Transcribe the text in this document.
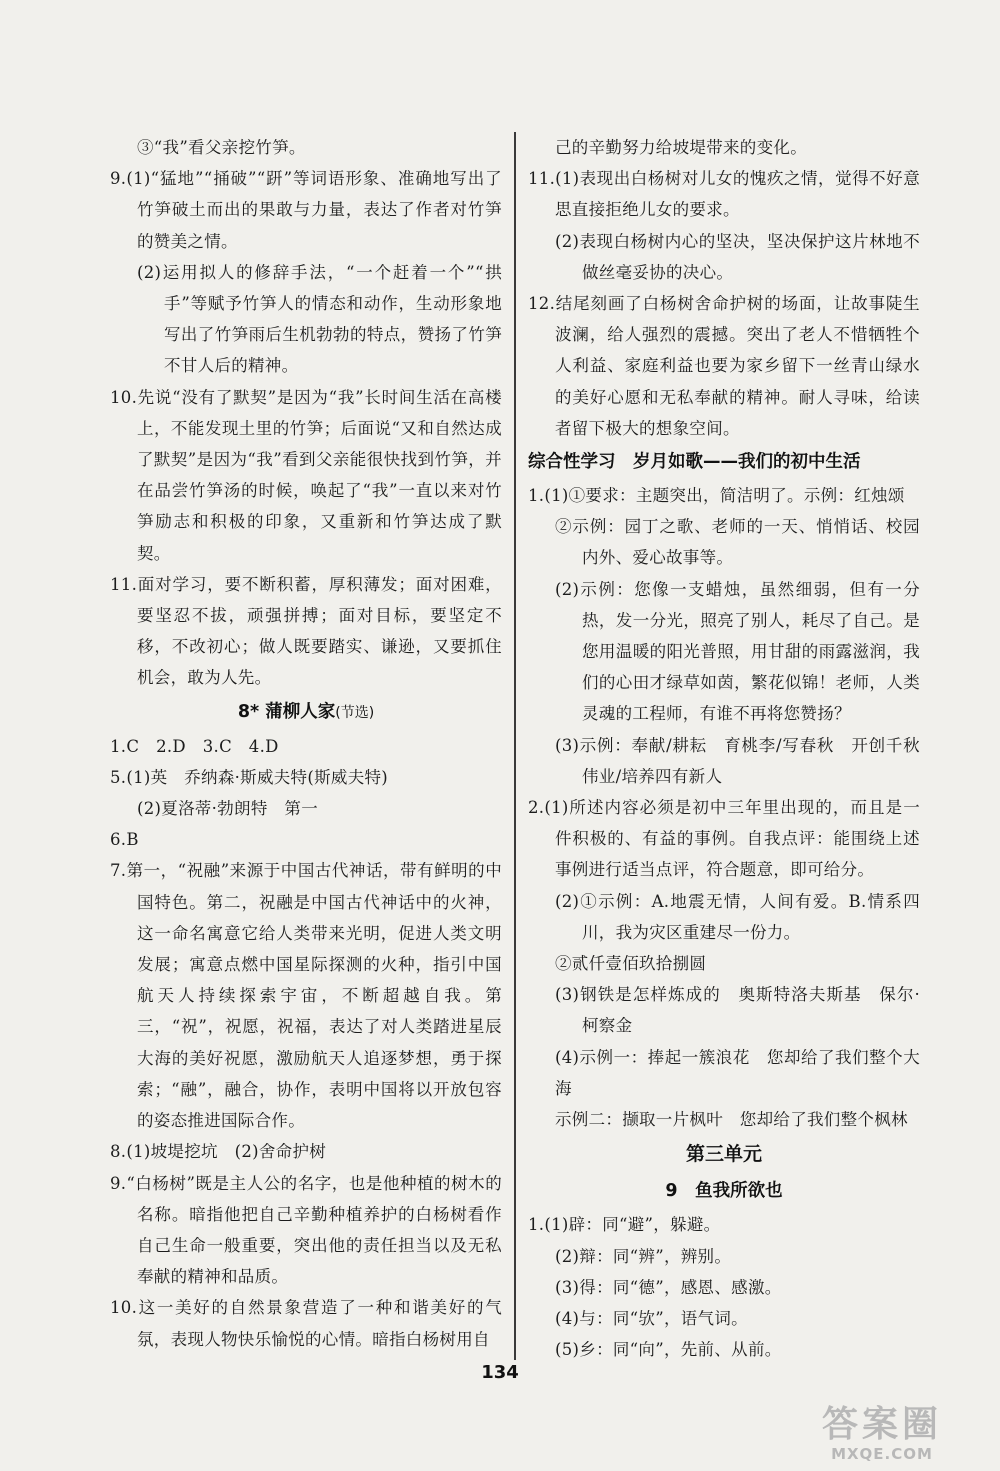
③“我”看父亲挖竹笋。

9.(1)“猛地”“捅破”“趼”等词语形象、准确地写出了竹笋破土而出的果敢与力量，表达了作者对竹笋的赞美之情。

(2)运用拟人的修辞手法，“一个赶着一个”“拱手”等赋予竹笋人的情态和动作，生动形象地写出了竹笋雨后生机勃勃的特点，赞扬了竹笋不甘人后的精神。

10.先说“没有了默契”是因为“我”长时间生活在高楼上，不能发现土里的竹笋；后面说“又和自然达成了默契”是因为“我”看到父亲能很快找到竹笋，并在品尝竹笋汤的时候，唤起了“我”一直以来对竹笋励志和积极的印象，又重新和竹笋达成了默契。

11.面对学习，要不断积蓄，厚积薄发；面对困难，要坚忍不拔，顽强拼搏；面对目标，要坚定不移，不改初心；做人既要踏实、谦逊，又要抓住机会，敢为人先。

8* 蒲柳人家(节选)

1.C　2.D　3.C　4.D

5.(1)英　乔纳森·斯威夫特(斯威夫特)

(2)夏洛蒂·勃朗特　第一

6.B

7.第一，“祝融”来源于中国古代神话，带有鲜明的中国特色。第二，祝融是中国古代神话中的火神，这一命名寓意它给人类带来光明，促进人类文明发展；寓意点燃中国星际探测的火种，指引中国航天人持续探索宇宙，不断超越自我。第三，“祝”，祝愿，祝福，表达了对人类踏进星辰大海的美好祝愿，激励航天人追逐梦想，勇于探索；“融”，融合，协作，表明中国将以开放包容的姿态推进国际合作。

8.(1)坡堤挖坑　(2)舍命护树

9.“白杨树”既是主人公的名字，也是他种植的树木的名称。暗指他把自己辛勤种植养护的白杨树看作自己生命一般重要，突出他的责任担当以及无私奉献的精神和品质。

10.这一美好的自然景象营造了一种和谐美好的气氛，表现人物快乐愉悦的心情。暗指白杨树用自

己的辛勤努力给坡堤带来的变化。

11.(1)表现出白杨树对儿女的愧疚之情，觉得不好意思直接拒绝儿女的要求。

(2)表现白杨树内心的坚决，坚决保护这片林地不做丝毫妥协的决心。

12.结尾刻画了白杨树舍命护树的场面，让故事陡生波澜，给人强烈的震撼。突出了老人不惜牺牲个人利益、家庭利益也要为家乡留下一丝青山绿水的美好心愿和无私奉献的精神。耐人寻味，给读者留下极大的想象空间。

综合性学习　岁月如歌——我们的初中生活

1.(1)①要求：主题突出，简洁明了。示例：红烛颂

②示例：园丁之歌、老师的一天、悄悄话、校园内外、爱心故事等。

(2)示例：您像一支蜡烛，虽然细弱，但有一分热，发一分光，照亮了别人，耗尽了自己。是您用温暖的阳光普照，用甘甜的雨露滋润，我们的心田才绿草如茵，繁花似锦！老师，人类灵魂的工程师，有谁不再将您赞扬？

(3)示例：奉献/耕耘　育桃李/写春秋　开创千秋伟业/培养四有新人

2.(1)所述内容必须是初中三年里出现的，而且是一件积极的、有益的事例。自我点评：能围绕上述事例进行适当点评，符合题意，即可给分。

(2)①示例：A.地震无情，人间有爱。B.情系四川，我为灾区重建尽一份力。

②贰仟壹佰玖拾捌圆

(3)钢铁是怎样炼成的　奥斯特洛夫斯基　保尔·柯察金

(4)示例一：捧起一簇浪花　您却给了我们整个大海

示例二：撷取一片枫叶　您却给了我们整个枫林

第三单元

9　鱼我所欲也

1.(1)辟：同“避”，躲避。

(2)辩：同“辨”，辨别。

(3)得：同“德”，感恩、感激。

(4)与：同“欤”，语气词。

(5)乡：同“向”，先前、从前。

134
答案圈
MXQE.COM
